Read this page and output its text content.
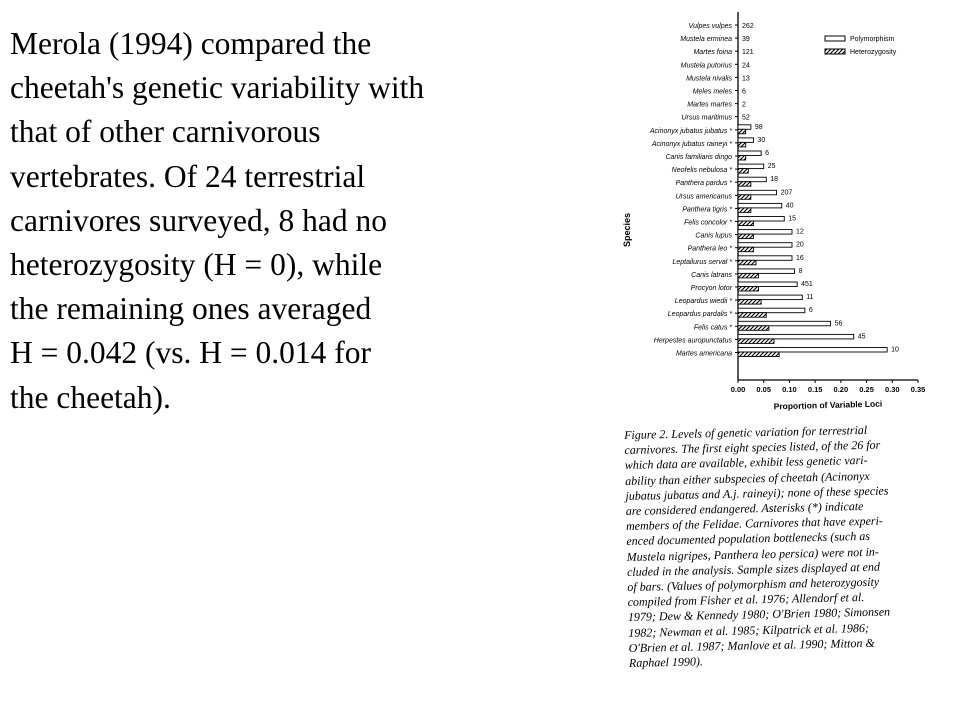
Merola (1994) compared the
cheetah's genetic variability with
that of other carnivorous
vertebrates. Of 24 terrestrial
carnivores surveyed, 8 had no
heterozygosity (H = 0), while
the remaining ones averaged
H = 0.042 (vs. H = 0.014 for
the cheetah).
Species
Vulpes vulpes 262
Mustela erminea 39
Martes foina 121
Mustela putorius 24
Mustela nivalis 13
Meles meles 6
Martes martes 2
Ursus maritimus 52
Acinonyx jubatus jubatus *
98
Acinonyx jubatus raineyi *
30
Canis familiaris dingo
6
Neofelis nebulosa *
25
Panthera pardus *
18
Ursus americanus
207
Panthera tigris *
40
Felis concolor *
15
Canis lupus
12
Panthera leo *
20
Leptailurus serval *
16
Canis latrans
8
Procyon lotor
451
Leopardus wiedii *
11
Leopardus pardalis *
6
Felis catus *
56
Herpestes auropunctatus
45
Martes americana
10
0.00 0.05 0.10 0.15 0.20 0.25 0.30 0.35
Proportion of Variable Loci
Polymorphism
Heterozygosity
Figure 2. Levels of genetic variation for terrestrial
carnivores. The first eight species listed, of the 26 for
which data are available, exhibit less genetic vari-
ability than either subspecies of cheetah (Acinonyx
jubatus jubatus and A.j. raineyi); none of these species
are considered endangered. Asterisks (*) indicate
members of the Felidae. Carnivores that have experi-
enced documented population bottlenecks (such as
Mustela nigripes, Panthera leo persica) were not in-
cluded in the analysis. Sample sizes displayed at end
of bars. (Values of polymorphism and heterozygosity
compiled from Fisher et al. 1976; Allendorf et al.
1979; Dew & Kennedy 1980; O'Brien 1980; Simonsen
1982; Newman et al. 1985; Kilpatrick et al. 1986;
O'Brien et al. 1987; Manlove et al. 1990; Mitton &
Raphael 1990).
